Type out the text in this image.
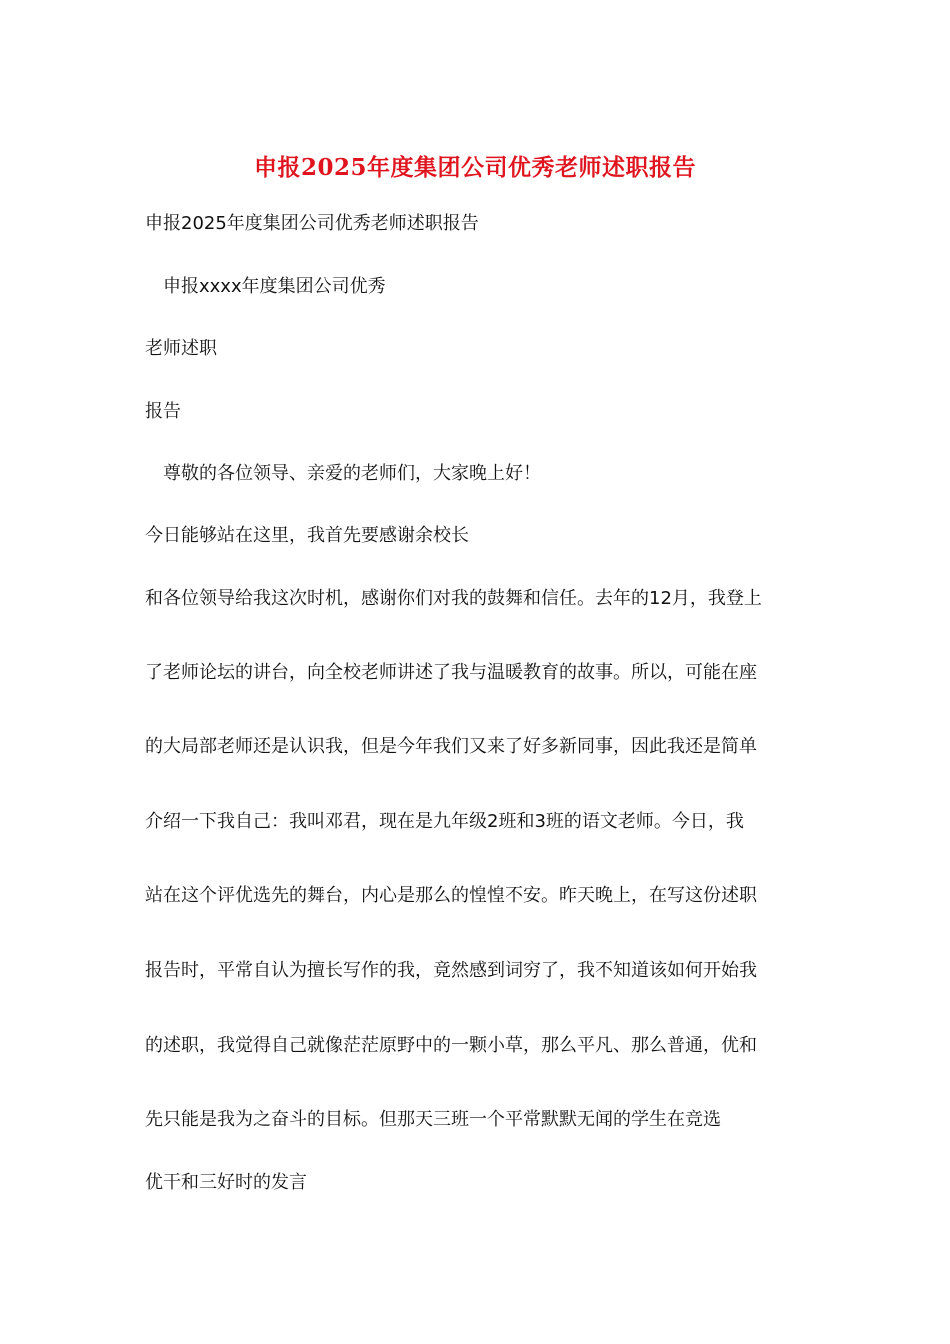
申报2025年度集团公司优秀老师述职报告
申报2025年度集团公司优秀老师述职报告
申报xxxx年度集团公司优秀
老师述职
报告
尊敬的各位领导、亲爱的老师们，大家晚上好！
今日能够站在这里，我首先要感谢余校长
和各位领导给我这次时机，感谢你们对我的鼓舞和信任。去年的12月，我登上
了老师论坛的讲台，向全校老师讲述了我与温暖教育的故事。所以，可能在座
的大局部老师还是认识我，但是今年我们又来了好多新同事，因此我还是简单
介绍一下我自己：我叫邓君，现在是九年级2班和3班的语文老师。今日，我
站在这个评优选先的舞台，内心是那么的惶惶不安。昨天晚上，在写这份述职
报告时，平常自认为擅长写作的我，竟然感到词穷了，我不知道该如何开始我
的述职，我觉得自己就像茫茫原野中的一颗小草，那么平凡、那么普通，优和
先只能是我为之奋斗的目标。但那天三班一个平常默默无闻的学生在竞选
优干和三好时的发言
